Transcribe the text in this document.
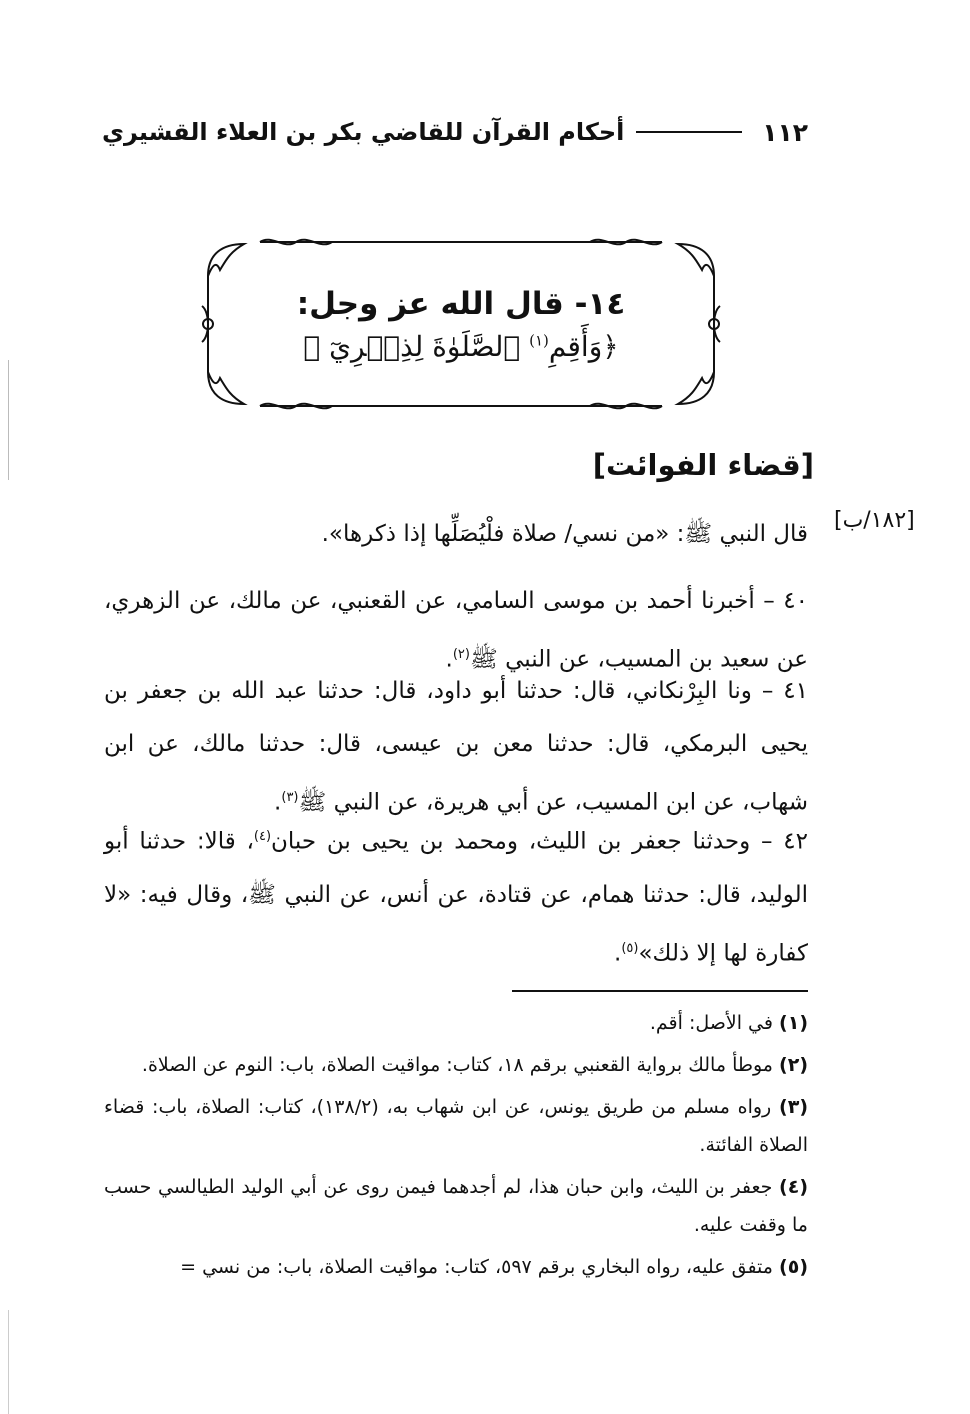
١١٢
أحكام القرآن للقاضي بكر بن العلاء القشيري
١٤- قال الله عز وجل:
﴿وَأَقِمِ$^{(١)}$ ٱلصَّلَوٰةَ لِذِكۡرِيٓ ﴾
[قضاء الفوائت]
[١٨٢/ب]

قال النبي ﷺ: «من نسي/ صلاة فلْيُصَلِّها إذا ذكرها».

٤٠ – أخبرنا أحمد بن موسى السامي، عن القعنبي، عن مالك، عن الزهري، عن سعيد بن المسيب، عن النبي ﷺ$^{(٢)}$.

٤١ – ونا البِرْنكاني، قال: حدثنا أبو داود، قال: حدثنا عبد الله بن جعفر بن يحيى البرمكي، قال: حدثنا معن بن عيسى، قال: حدثنا مالك، عن ابن شهاب، عن ابن المسيب، عن أبي هريرة، عن النبي ﷺ$^{(٣)}$.

٤٢ – وحدثنا جعفر بن الليث، ومحمد بن يحيى بن حبان$^{(٤)}$، قالا: حدثنا أبو الوليد، قال: حدثنا همام، عن قتادة، عن أنس، عن النبي ﷺ، وقال فيه: «لا كفارة لها إلا ذلك»$^{(٥)}$.

(١) في الأصل: أقم.

(٢) موطأ مالك برواية القعنبي برقم ١٨، كتاب: مواقيت الصلاة، باب: النوم عن الصلاة.

(٣) رواه مسلم من طريق يونس، عن ابن شهاب به، (١٣٨/٢)، كتاب: الصلاة، باب: قضاء الصلاة الفائتة.

(٤) جعفر بن الليث، وابن حبان هذا، لم أجدهما فيمن روى عن أبي الوليد الطيالسي حسب ما وقفت عليه.

(٥) متفق عليه، رواه البخاري برقم ٥٩٧، كتاب: مواقيت الصلاة، باب: من نسي =
